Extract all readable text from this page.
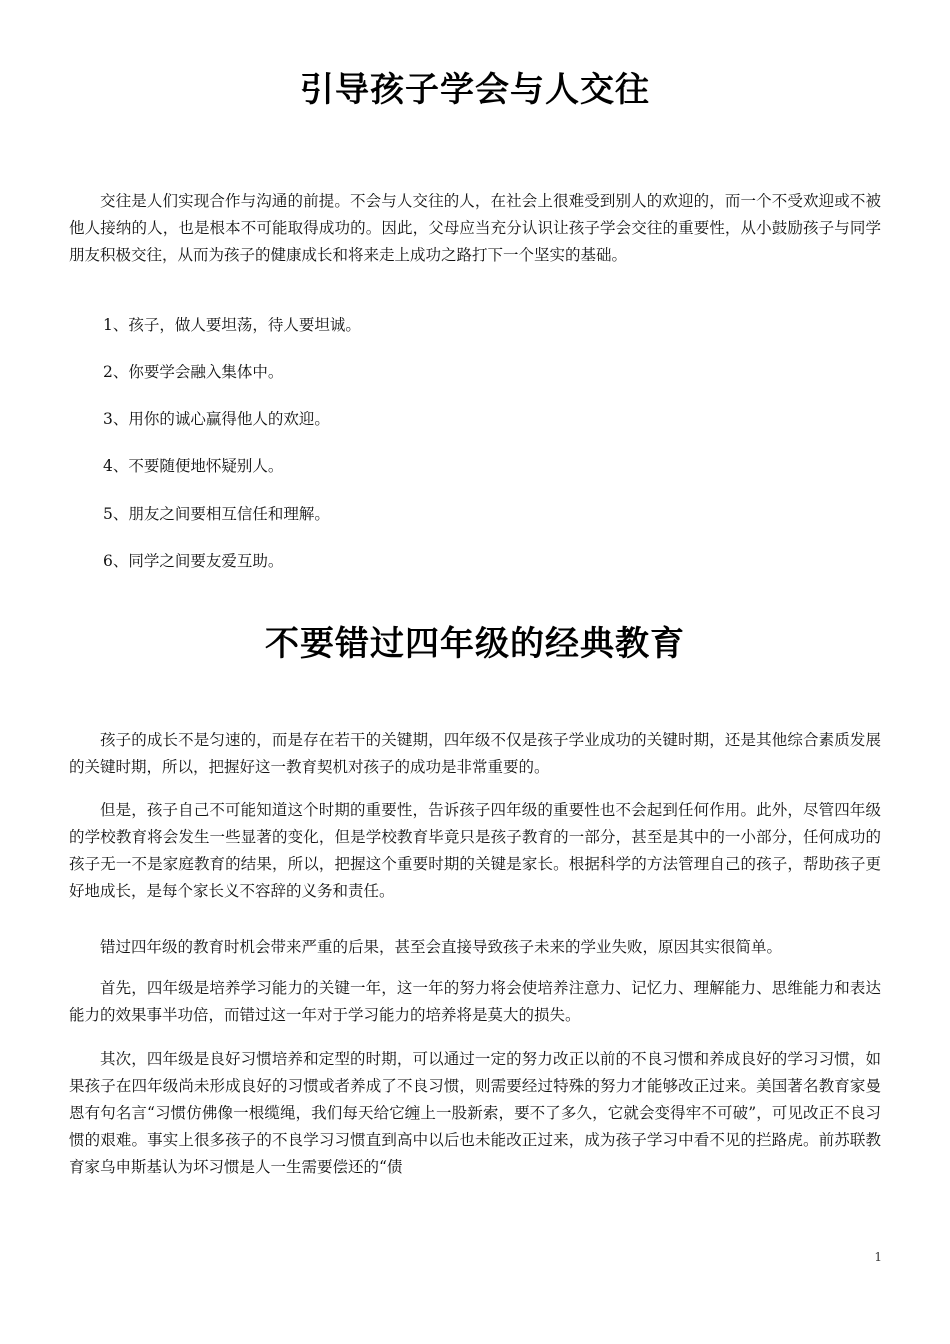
引导孩子学会与人交往

交往是人们实现合作与沟通的前提。不会与人交往的人，在社会上很难受到别人的欢迎的，而一个不受欢迎或不被他人接纳的人，也是根本不可能取得成功的。因此，父母应当充分认识让孩子学会交往的重要性，从小鼓励孩子与同学朋友积极交往，从而为孩子的健康成长和将来走上成功之路打下一个坚实的基础。

1、孩子，做人要坦荡，待人要坦诚。

2、你要学会融入集体中。

3、用你的诚心赢得他人的欢迎。

4、不要随便地怀疑别人。

5、朋友之间要相互信任和理解。

6、同学之间要友爱互助。

不要错过四年级的经典教育

孩子的成长不是匀速的，而是存在若干的关键期，四年级不仅是孩子学业成功的关键时期，还是其他综合素质发展的关键时期，所以，把握好这一教育契机对孩子的成功是非常重要的。

但是，孩子自己不可能知道这个时期的重要性，告诉孩子四年级的重要性也不会起到任何作用。此外，尽管四年级的学校教育将会发生一些显著的变化，但是学校教育毕竟只是孩子教育的一部分，甚至是其中的一小部分，任何成功的孩子无一不是家庭教育的结果，所以，把握这个重要时期的关键是家长。根据科学的方法管理自己的孩子，帮助孩子更好地成长，是每个家长义不容辞的义务和责任。

错过四年级的教育时机会带来严重的后果，甚至会直接导致孩子未来的学业失败，原因其实很简单。

首先，四年级是培养学习能力的关键一年，这一年的努力将会使培养注意力、记忆力、理解能力、思维能力和表达能力的效果事半功倍，而错过这一年对于学习能力的培养将是莫大的损失。

其次，四年级是良好习惯培养和定型的时期，可以通过一定的努力改正以前的不良习惯和养成良好的学习习惯，如果孩子在四年级尚未形成良好的习惯或者养成了不良习惯，则需要经过特殊的努力才能够改正过来。美国著名教育家曼恩有句名言“习惯仿佛像一根缆绳，我们每天给它缠上一股新索，要不了多久，它就会变得牢不可破”，可见改正不良习惯的艰难。事实上很多孩子的不良学习习惯直到高中以后也未能改正过来，成为孩子学习中看不见的拦路虎。前苏联教育家乌申斯基认为坏习惯是人一生需要偿还的“债

1
